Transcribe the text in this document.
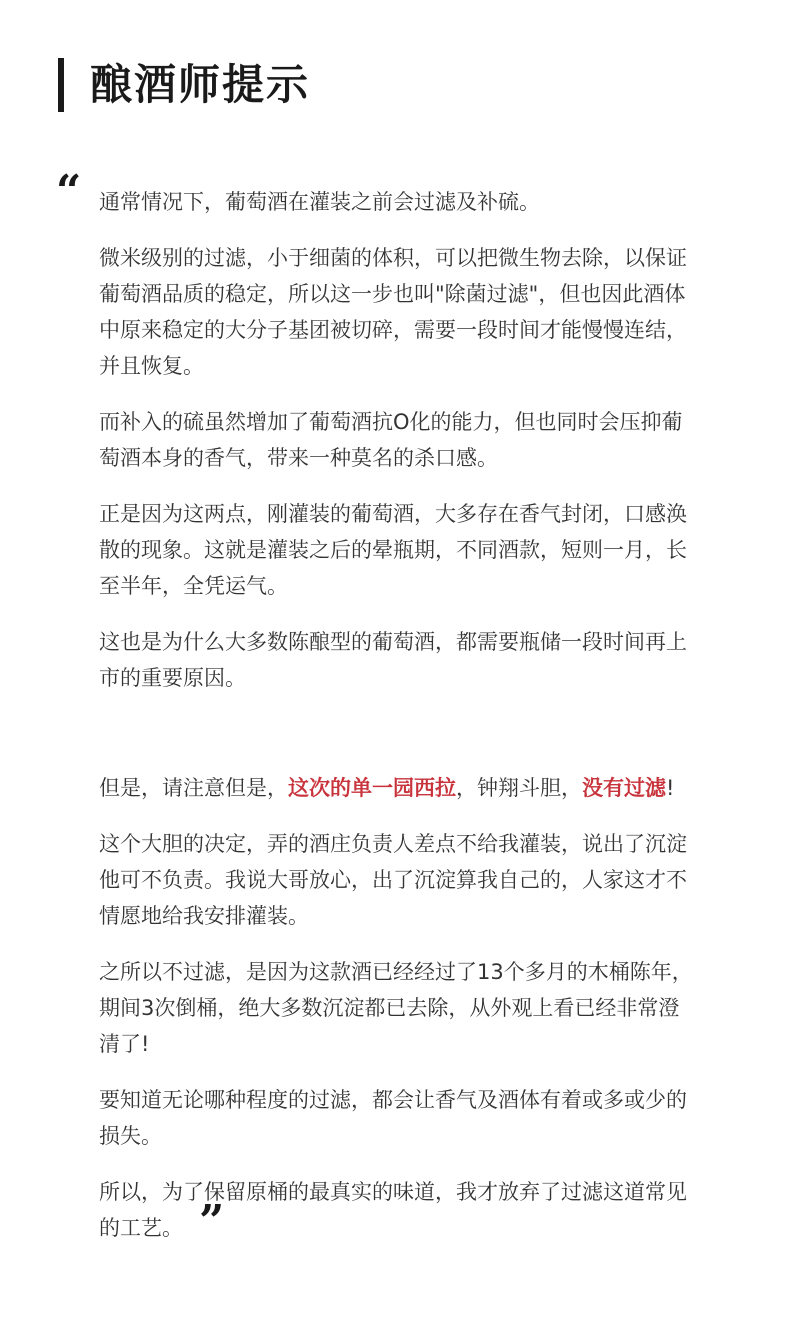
酿酒师提示
“ 通常情况下，葡萄酒在灌装之前会过滤及补硫。

微米级别的过滤，小于细菌的体积，可以把微生物去除，以保证葡萄酒品质的稳定，所以这一步也叫"除菌过滤"，但也因此酒体中原来稳定的大分子基团被切碎，需要一段时间才能慢慢连结，并且恢复。

而补入的硫虽然增加了葡萄酒抗O化的能力，但也同时会压抑葡萄酒本身的香气，带来一种莫名的杀口感。

正是因为这两点，刚灌装的葡萄酒，大多存在香气封闭，口感涣散的现象。这就是灌装之后的晕瓶期，不同酒款，短则一月，长至半年，全凭运气。

这也是为什么大多数陈酿型的葡萄酒，都需要瓶储一段时间再上市的重要原因。

但是，请注意但是，这次的单一园西拉，钟翔斗胆，没有过滤!

这个大胆的决定，弄的酒庄负责人差点不给我灌装，说出了沉淀他可不负责。我说大哥放心，出了沉淀算我自己的，人家这才不情愿地给我安排灌装。

之所以不过滤，是因为这款酒已经经过了13个多月的木桶陈年，期间3次倒桶，绝大多数沉淀都已去除，从外观上看已经非常澄清了!

要知道无论哪种程度的过滤，都会让香气及酒体有着或多或少的损失。

所以，为了保留原桶的最真实的味道，我才放弃了过滤这道常见的工艺。 ”
